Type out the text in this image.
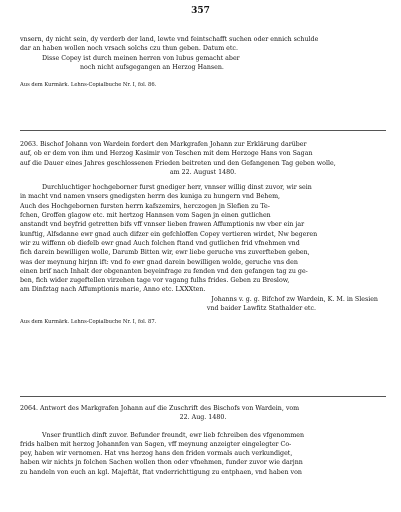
357
vnsern, dy nicht sein, dy verderb der land, lewte vnd feintschafft suchen oder ennich schulde
dar an haben wollen noch vrsach solchs czu thun geben. Datum etc.
Disse Copey ist durch meinen herren von lubus gemacht aber
noch nicht aufsgegangen an Herzog Hansen.
Aus dem Kurmärk. Lehns-Copialbuche Nr. I, fol. 86.
2063. Bischof Johann von Wardein fordert den Markgrafen Johann zur Erklärung darüber
auf, ob er dem von ihm und Herzog Kasimir von Teschen mit dem Herzoge Hans von Sagan
auf die Dauer eines Jahres geschlossenen Frieden beitreten und den Gefangenen Tag geben wolle,
am 22. August 1480.
Durchluchtiger hochgeborner furst gnediger herr, vnnser willig dinst zuvor, wir sein
in macht vnd namen vnsers gnedigsten herrn des kuniga zu hungern vnd Behem,
Auch des Hochgebornen fursten herrn kafszemirs, herczogen jn Slefien zu Te-
fchen, Groffen glagow etc. mit hertzog Hannsen vom Sagen jn einen gutlichen
anstandt vnd beyfrid getretten bifs vff vnnser lieben frawen Affumptionis nw vber ein jar
kunftig, Alfsdanne ewr gnad auch difzer ein gefchloffen Copey vertieren wirdet, Nw begeren
wir zu wiffenn ob diefelb ewr gnad Auch folchen ftand vnd gutlichen frid vfnehmen vnd
fich darein bewilligen wolle, Darumb Bitten wir, ewr liebe geruche vns zuverfteben geben,
was der meynung hirjnn ift: vnd fo ewr gnad darein bewilligen wolde, geruche vns den
einen brif nach Inhalt der obgenanten beyeinfrage zu fenden vnd den gefangen tag zu ge-
ben, fich wider zugeftellen virzehen tage vor vagang fulhs frides. Geben zu Breslow,
am Dinfztag nach Affumptionis marie, Anno etc. LXXXten.
Johanns v. g. g. Bifchof zw Wardein, K. M. in Slesien
vnd baider Lawfitz Stathalder etc.
Aus dem Kurmärk. Lehns-Copialbuche Nr. I, fol. 87.
2064. Antwort des Markgrafen Johann auf die Zuschrift des Bischofs von Wardein, vom
22. Aug. 1480.
Vnser fruntlich dinft zuvor. Befunder freundt, ewr lieb fchreiben des vfgenommen
frids halben mit herzog Johannfen van Sagen, vff meynung anzeigter eingelegter Co-
pey, haben wir vernomen. Hat vns herzog hans den friden vormals auch verkundiget,
haben wir nichts jn folchen Sachen wollen thon oder vfnehmen, funder zuvor wie darjnn
zu handeln von euch an kgl. Majeftät, ftat vnderrichttigung zu entphaen, vnd haben von
